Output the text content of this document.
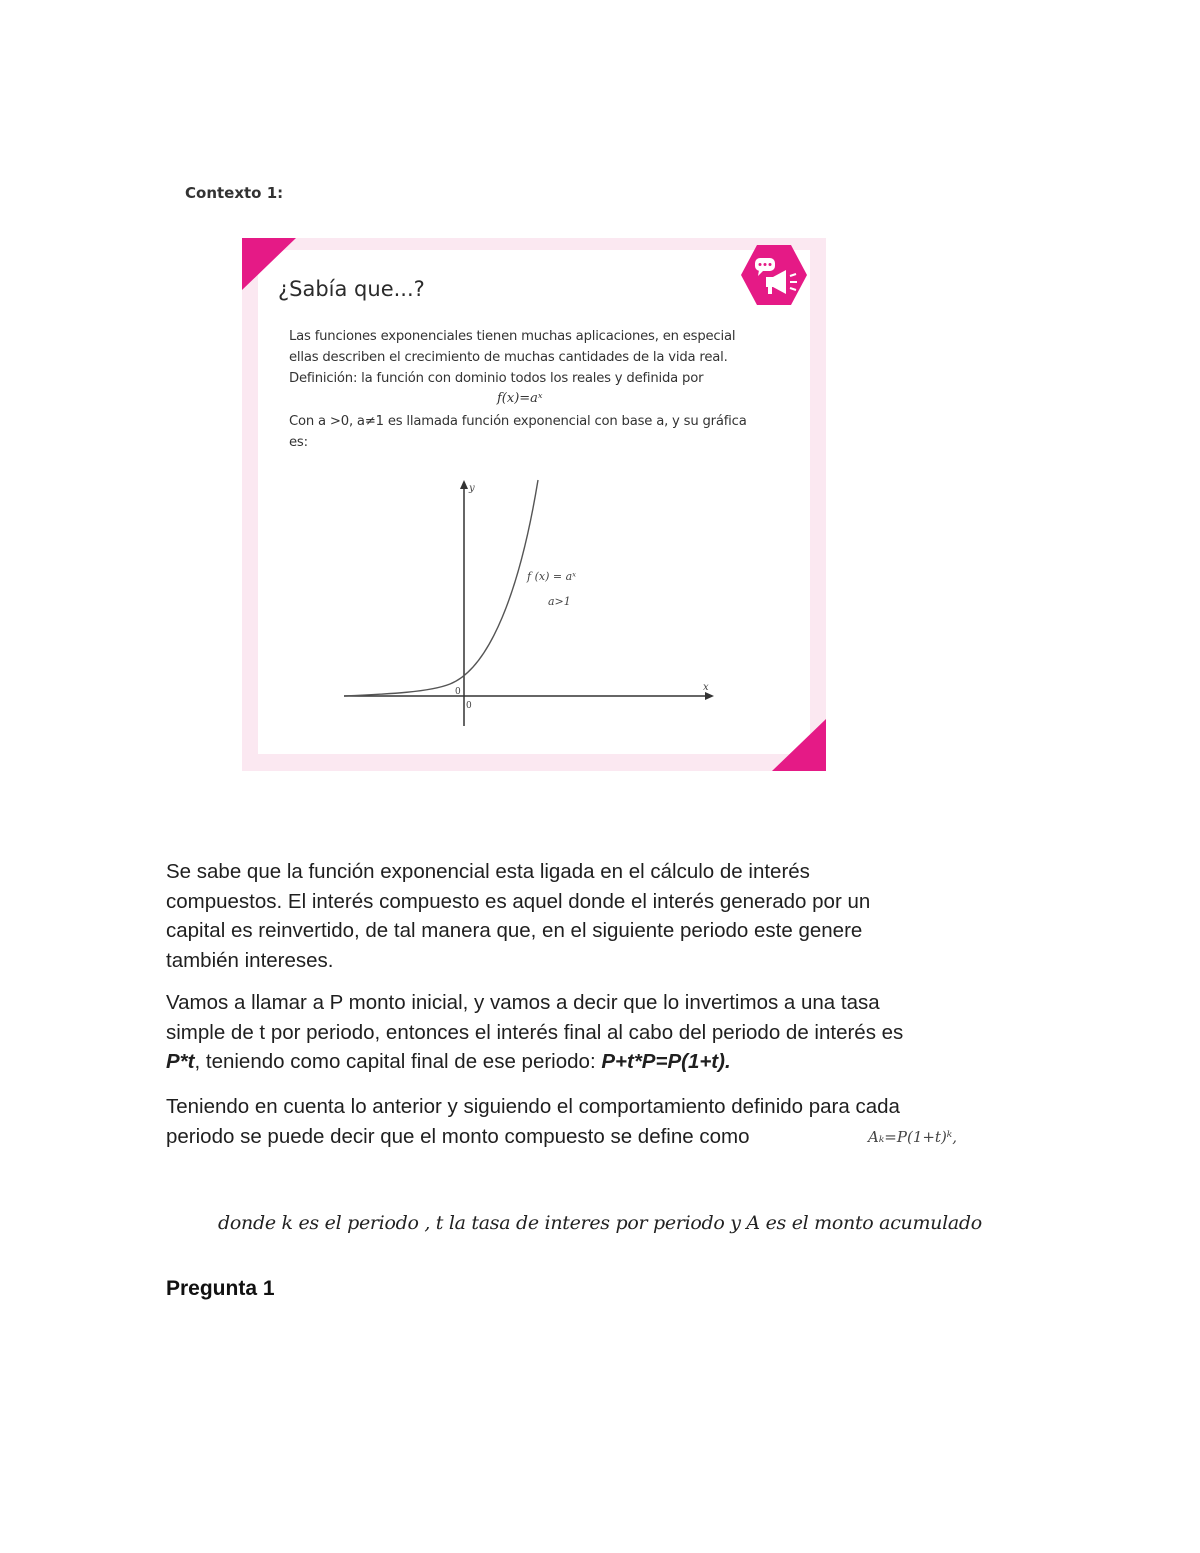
Contexto 1:
¿Sabía que...?
Las funciones exponenciales tienen muchas aplicaciones, en especial
ellas describen el crecimiento de muchas cantidades de la vida real.
Definición: la función con dominio todos los reales y definida por
f(x)=aˣ
Con a >0, a≠1 es llamada función exponencial con base a, y su gráfica
es:
y
x
0
0
f (x) = aˣ
a>1
Se sabe que la función exponencial esta ligada en el cálculo de interés
compuestos. El interés compuesto es aquel donde el interés generado por un
capital es reinvertido, de tal manera que, en el siguiente periodo este genere
también intereses.
Vamos a llamar a P monto inicial, y vamos a decir que lo invertimos a una tasa
simple de t por periodo, entonces el interés final al cabo del periodo de interés es
P*t, teniendo como capital final de ese periodo: P+t*P=P(1+t).
Teniendo en cuenta lo anterior y siguiendo el comportamiento definido para cada
periodo se puede decir que el monto compuesto se define como	Aₖ=P(1+t)ᵏ,
donde k es el periodo , t la tasa de interes por periodo y A es el monto acumulado
Pregunta 1
